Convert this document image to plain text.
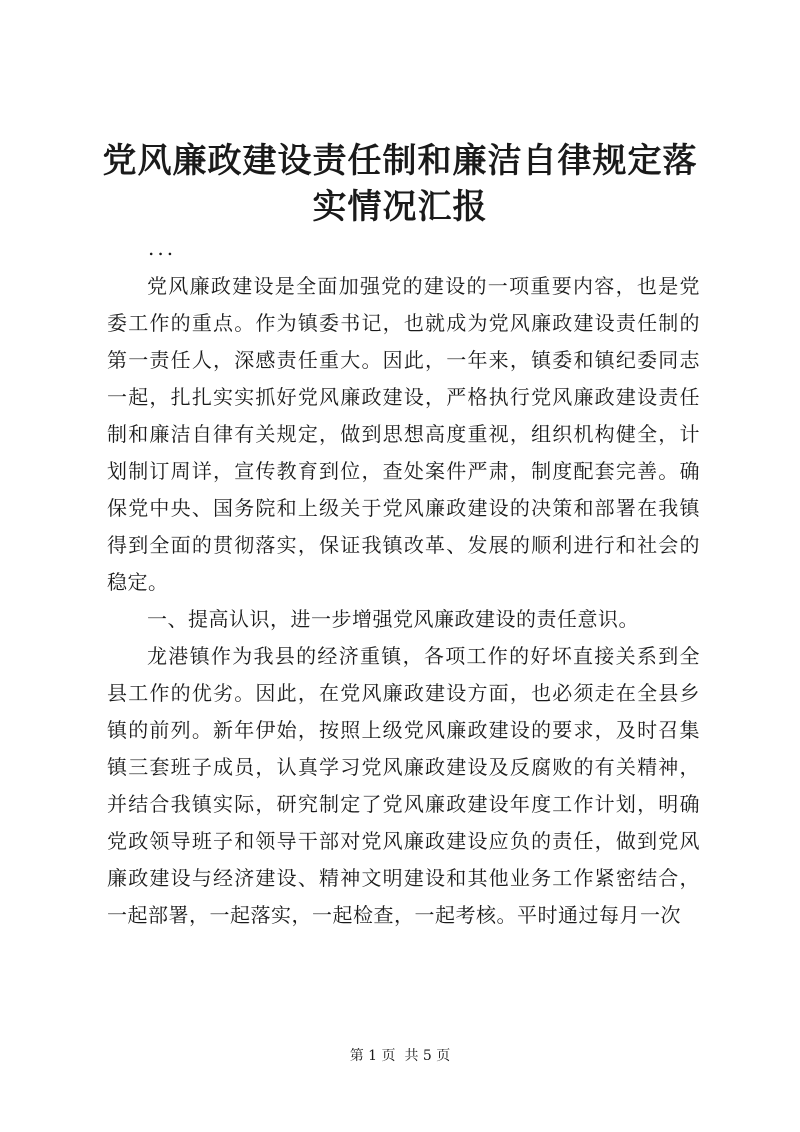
党风廉政建设责任制和廉洁自律规定落实情况汇报
...

党风廉政建设是全面加强党的建设的一项重要内容，也是党委工作的重点。作为镇委书记，也就成为党风廉政建设责任制的第一责任人，深感责任重大。因此，一年来，镇委和镇纪委同志一起，扎扎实实抓好党风廉政建设，严格执行党风廉政建设责任制和廉洁自律有关规定，做到思想高度重视，组织机构健全，计划制订周详，宣传教育到位，查处案件严肃，制度配套完善。确保党中央、国务院和上级关于党风廉政建设的决策和部署在我镇得到全面的贯彻落实，保证我镇改革、发展的顺利进行和社会的稳定。

一、提高认识，进一步增强党风廉政建设的责任意识。

龙港镇作为我县的经济重镇，各项工作的好坏直接关系到全县工作的优劣。因此，在党风廉政建设方面，也必须走在全县乡镇的前列。新年伊始，按照上级党风廉政建设的要求，及时召集镇三套班子成员，认真学习党风廉政建设及反腐败的有关精神，并结合我镇实际，研究制定了党风廉政建设年度工作计划，明确党政领导班子和领导干部对党风廉政建设应负的责任，做到党风廉政建设与经济建设、精神文明建设和其他业务工作紧密结合，一起部署，一起落实，一起检查，一起考核。平时通过每月一次

第 1 页  共 5 页
